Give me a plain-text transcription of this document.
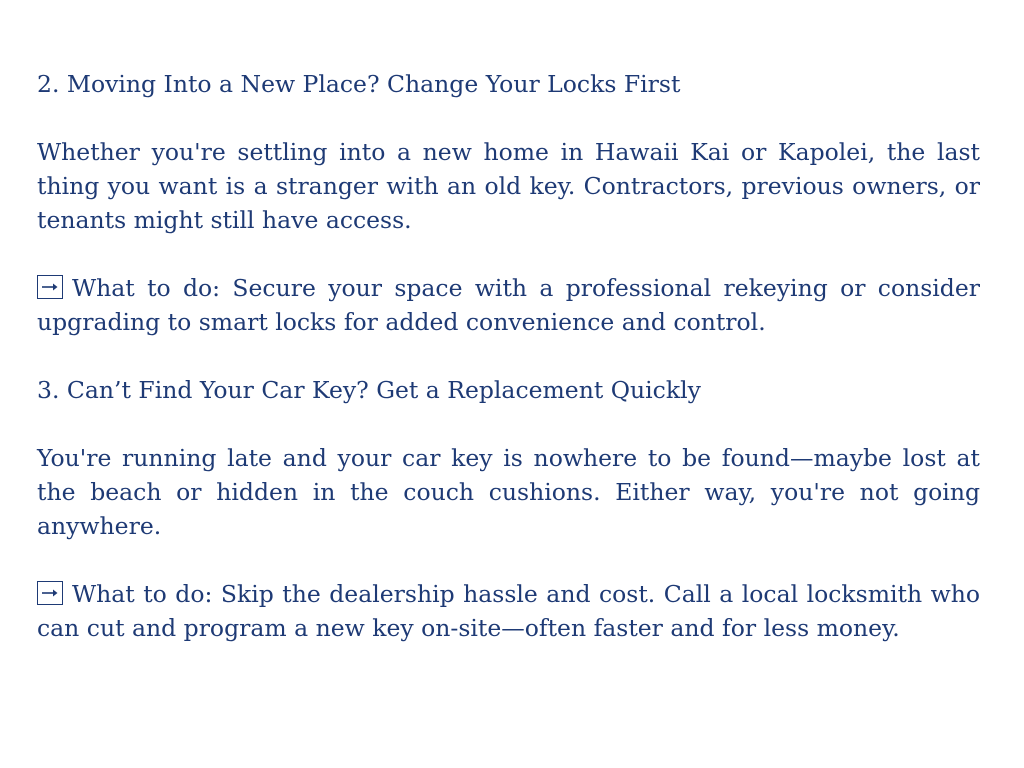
2. Moving Into a New Place? Change Your Locks First

Whether you're settling into a new home in Hawaii Kai or Kapolei, the last thing you want is a stranger with an old key. Contractors, previous owners, or tenants might still have access.

What to do: Secure your space with a professional rekeying or consider upgrading to smart locks for added convenience and control.

3. Can’t Find Your Car Key? Get a Replacement Quickly

You're running late and your car key is nowhere to be found—maybe lost at the beach or hidden in the couch cushions. Either way, you're not going anywhere.

What to do: Skip the dealership hassle and cost. Call a local locksmith who can cut and program a new key on-site—often faster and for less money.
